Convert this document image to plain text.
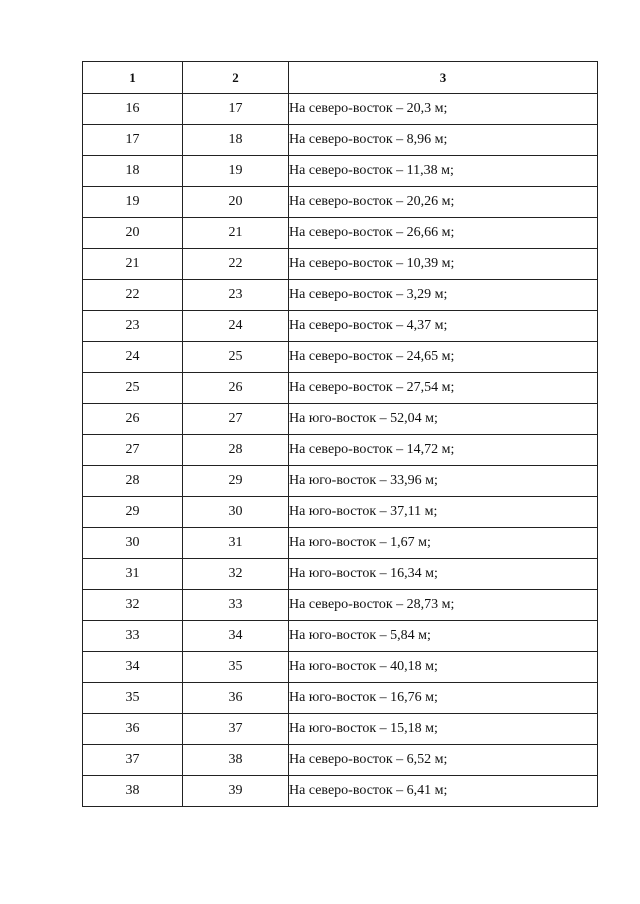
1	2	3
16	17	На северо-восток – 20,3 м;
17	18	На северо-восток – 8,96 м;
18	19	На северо-восток – 11,38 м;
19	20	На северо-восток – 20,26 м;
20	21	На северо-восток – 26,66 м;
21	22	На северо-восток – 10,39 м;
22	23	На северо-восток – 3,29 м;
23	24	На северо-восток – 4,37 м;
24	25	На северо-восток – 24,65 м;
25	26	На северо-восток – 27,54 м;
26	27	На юго-восток – 52,04 м;
27	28	На северо-восток – 14,72 м;
28	29	На юго-восток – 33,96 м;
29	30	На юго-восток – 37,11 м;
30	31	На юго-восток – 1,67 м;
31	32	На юго-восток – 16,34 м;
32	33	На северо-восток – 28,73 м;
33	34	На юго-восток – 5,84 м;
34	35	На юго-восток – 40,18 м;
35	36	На юго-восток – 16,76 м;
36	37	На юго-восток – 15,18 м;
37	38	На северо-восток – 6,52 м;
38	39	На северо-восток – 6,41 м;
